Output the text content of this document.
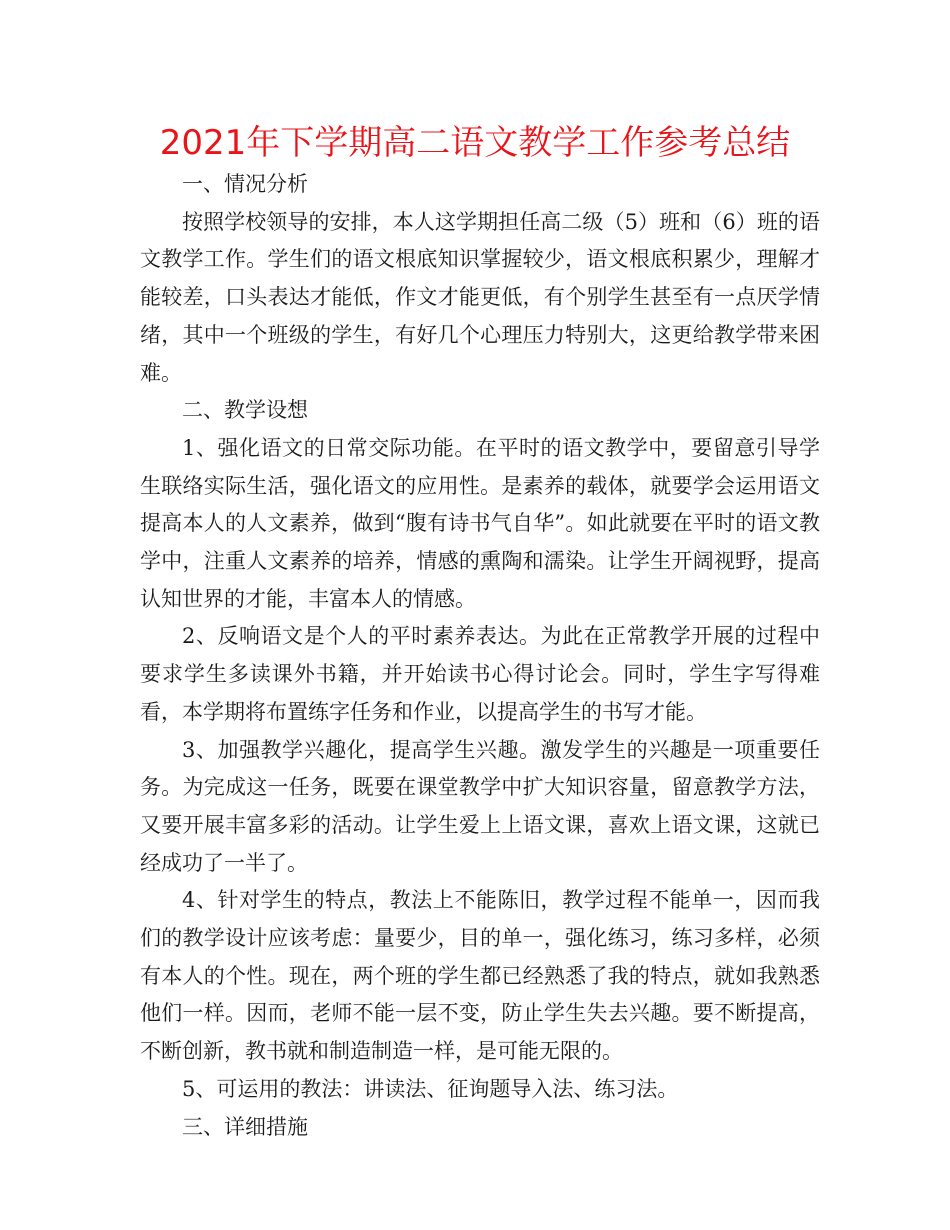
2021年下学期高二语文教学工作参考总结

一、情况分析

按照学校领导的安排，本人这学期担任高二级（5）班和（6）班的语文教学工作。学生们的语文根底知识掌握较少，语文根底积累少，理解才能较差，口头表达才能低，作文才能更低，有个别学生甚至有一点厌学情绪，其中一个班级的学生，有好几个心理压力特别大，这更给教学带来困难。

二、教学设想

1、强化语文的日常交际功能。在平时的语文教学中，要留意引导学生联络实际生活，强化语文的应用性。是素养的载体，就要学会运用语文提高本人的人文素养，做到“腹有诗书气自华”。如此就要在平时的语文教学中，注重人文素养的培养，情感的熏陶和濡染。让学生开阔视野，提高认知世界的才能，丰富本人的情感。

2、反响语文是个人的平时素养表达。为此在正常教学开展的过程中要求学生多读课外书籍，并开始读书心得讨论会。同时，学生字写得难看，本学期将布置练字任务和作业，以提高学生的书写才能。

3、加强教学兴趣化，提高学生兴趣。激发学生的兴趣是一项重要任务。为完成这一任务，既要在课堂教学中扩大知识容量，留意教学方法，又要开展丰富多彩的活动。让学生爱上上语文课，喜欢上语文课，这就已经成功了一半了。

4、针对学生的特点，教法上不能陈旧，教学过程不能单一，因而我们的教学设计应该考虑：量要少，目的单一，强化练习，练习多样，必须有本人的个性。现在，两个班的学生都已经熟悉了我的特点，就如我熟悉他们一样。因而，老师不能一层不变，防止学生失去兴趣。要不断提高，不断创新，教书就和制造制造一样，是可能无限的。

5、可运用的教法：讲读法、征询题导入法、练习法。

三、详细措施
